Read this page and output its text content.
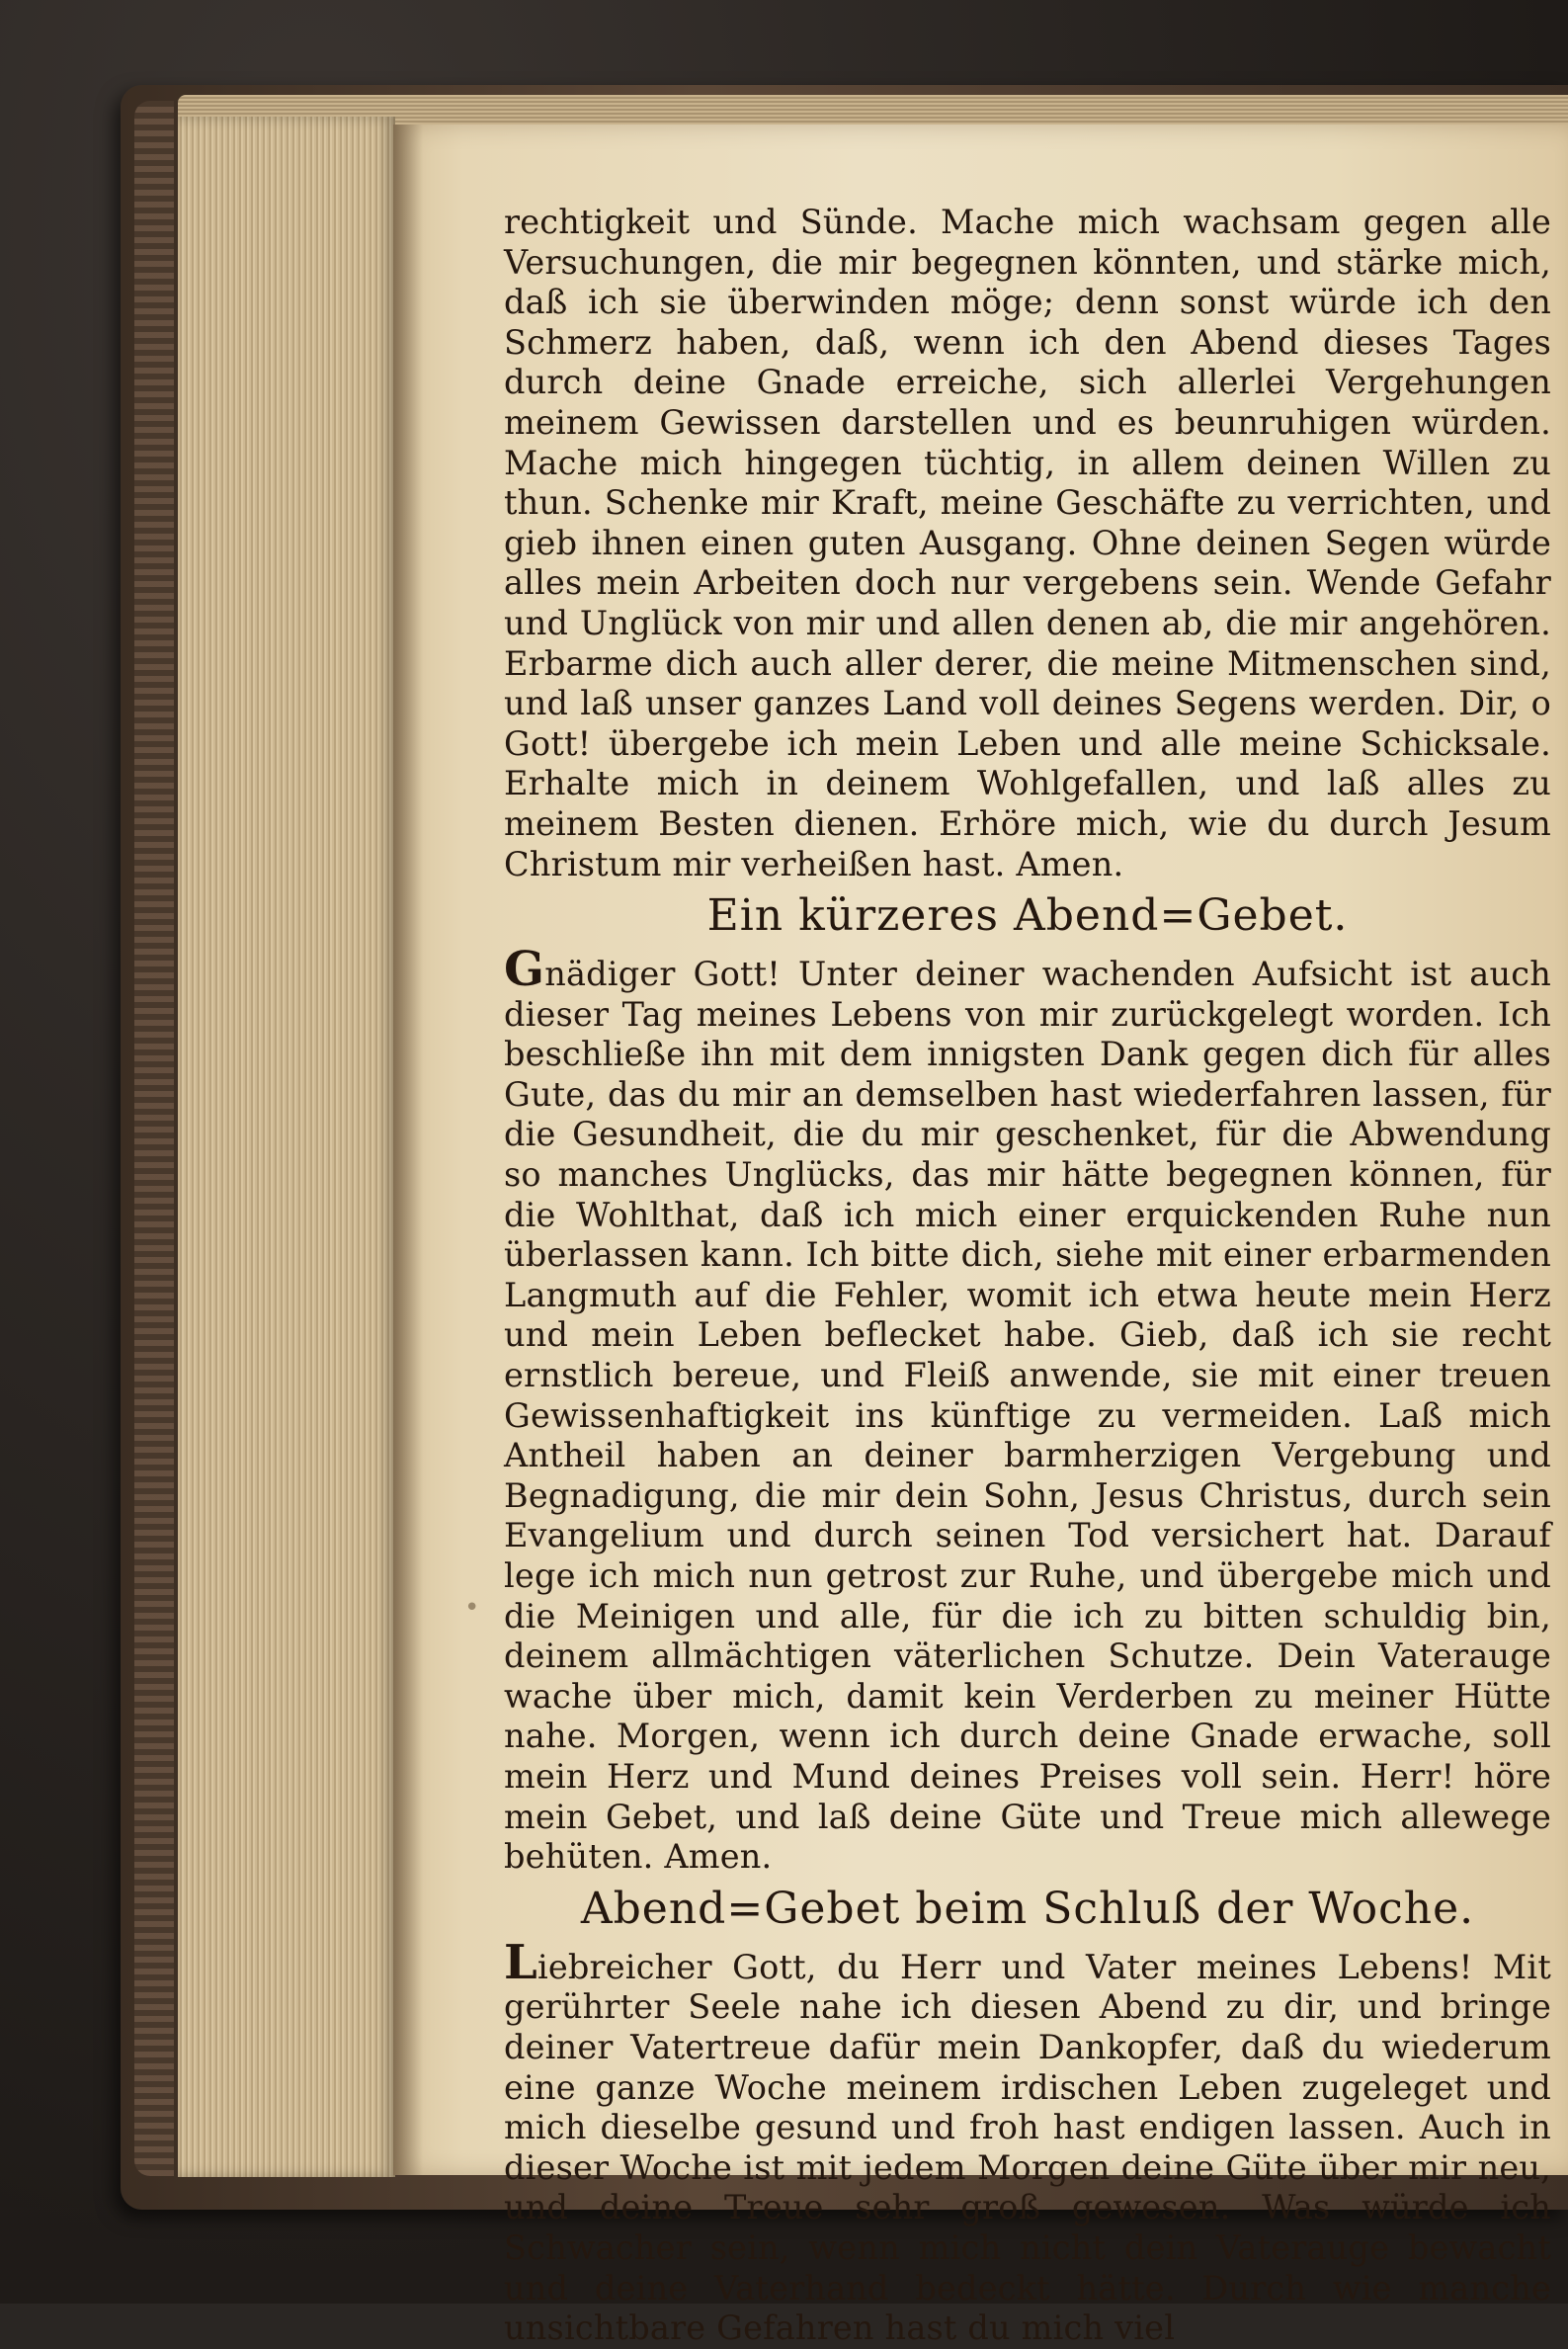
•

rechtigkeit und Sünde. Mache mich wachsam gegen alle Versuchungen, die mir begegnen könnten, und stärke mich, daß ich sie überwinden möge; denn sonst würde ich den Schmerz haben, daß, wenn ich den Abend dieses Tages durch deine Gnade erreiche, sich allerlei Vergehungen meinem Gewissen darstellen und es beunruhigen würden. Mache mich hingegen tüchtig, in allem deinen Willen zu thun. Schenke mir Kraft, meine Geschäfte zu verrichten, und gieb ihnen einen guten Ausgang. Ohne deinen Segen würde alles mein Arbeiten doch nur vergebens sein. Wende Gefahr und Unglück von mir und allen denen ab, die mir angehören. Erbarme dich auch aller derer, die meine Mitmenschen sind, und laß unser ganzes Land voll deines Segens werden. Dir, o Gott! übergebe ich mein Leben und alle meine Schicksale. Erhalte mich in deinem Wohlgefallen, und laß alles zu meinem Besten dienen. Erhöre mich, wie du durch Jesum Christum mir verheißen hast. Amen.

Ein kürzeres Abend=Gebet.

Gnädiger Gott! Unter deiner wachenden Aufsicht ist auch dieser Tag meines Lebens von mir zurückgelegt worden. Ich beschließe ihn mit dem innigsten Dank gegen dich für alles Gute, das du mir an demselben hast wiederfahren lassen, für die Gesundheit, die du mir geschenket, für die Abwendung so manches Unglücks, das mir hätte begegnen können, für die Wohlthat, daß ich mich einer erquickenden Ruhe nun überlassen kann. Ich bitte dich, siehe mit einer erbarmenden Langmuth auf die Fehler, womit ich etwa heute mein Herz und mein Leben beflecket habe. Gieb, daß ich sie recht ernstlich bereue, und Fleiß anwende, sie mit einer treuen Gewissenhaftigkeit ins künftige zu vermeiden. Laß mich Antheil haben an deiner barmherzigen Vergebung und Begnadigung, die mir dein Sohn, Jesus Christus, durch sein Evangelium und durch seinen Tod versichert hat. Darauf lege ich mich nun getrost zur Ruhe, und übergebe mich und die Meinigen und alle, für die ich zu bitten schuldig bin, deinem allmächtigen väterlichen Schutze. Dein Vaterauge wache über mich, damit kein Verderben zu meiner Hütte nahe. Morgen, wenn ich durch deine Gnade erwache, soll mein Herz und Mund deines Preises voll sein. Herr! höre mein Gebet, und laß deine Güte und Treue mich allewege behüten. Amen.

Abend=Gebet beim Schluß der Woche.

Liebreicher Gott, du Herr und Vater meines Lebens! Mit gerührter Seele nahe ich diesen Abend zu dir, und bringe deiner Vatertreue dafür mein Dankopfer, daß du wiederum eine ganze Woche meinem irdischen Leben zugeleget und mich dieselbe gesund und froh hast endigen lassen. Auch in dieser Woche ist mit jedem Morgen deine Güte über mir neu, und deine Treue sehr groß gewesen. Was würde ich Schwacher sein, wenn mich nicht dein Vaterauge bewacht und deine Vaterhand bedeckt hätte. Durch wie manche unsichtbare Gefahren hast du mich viel
